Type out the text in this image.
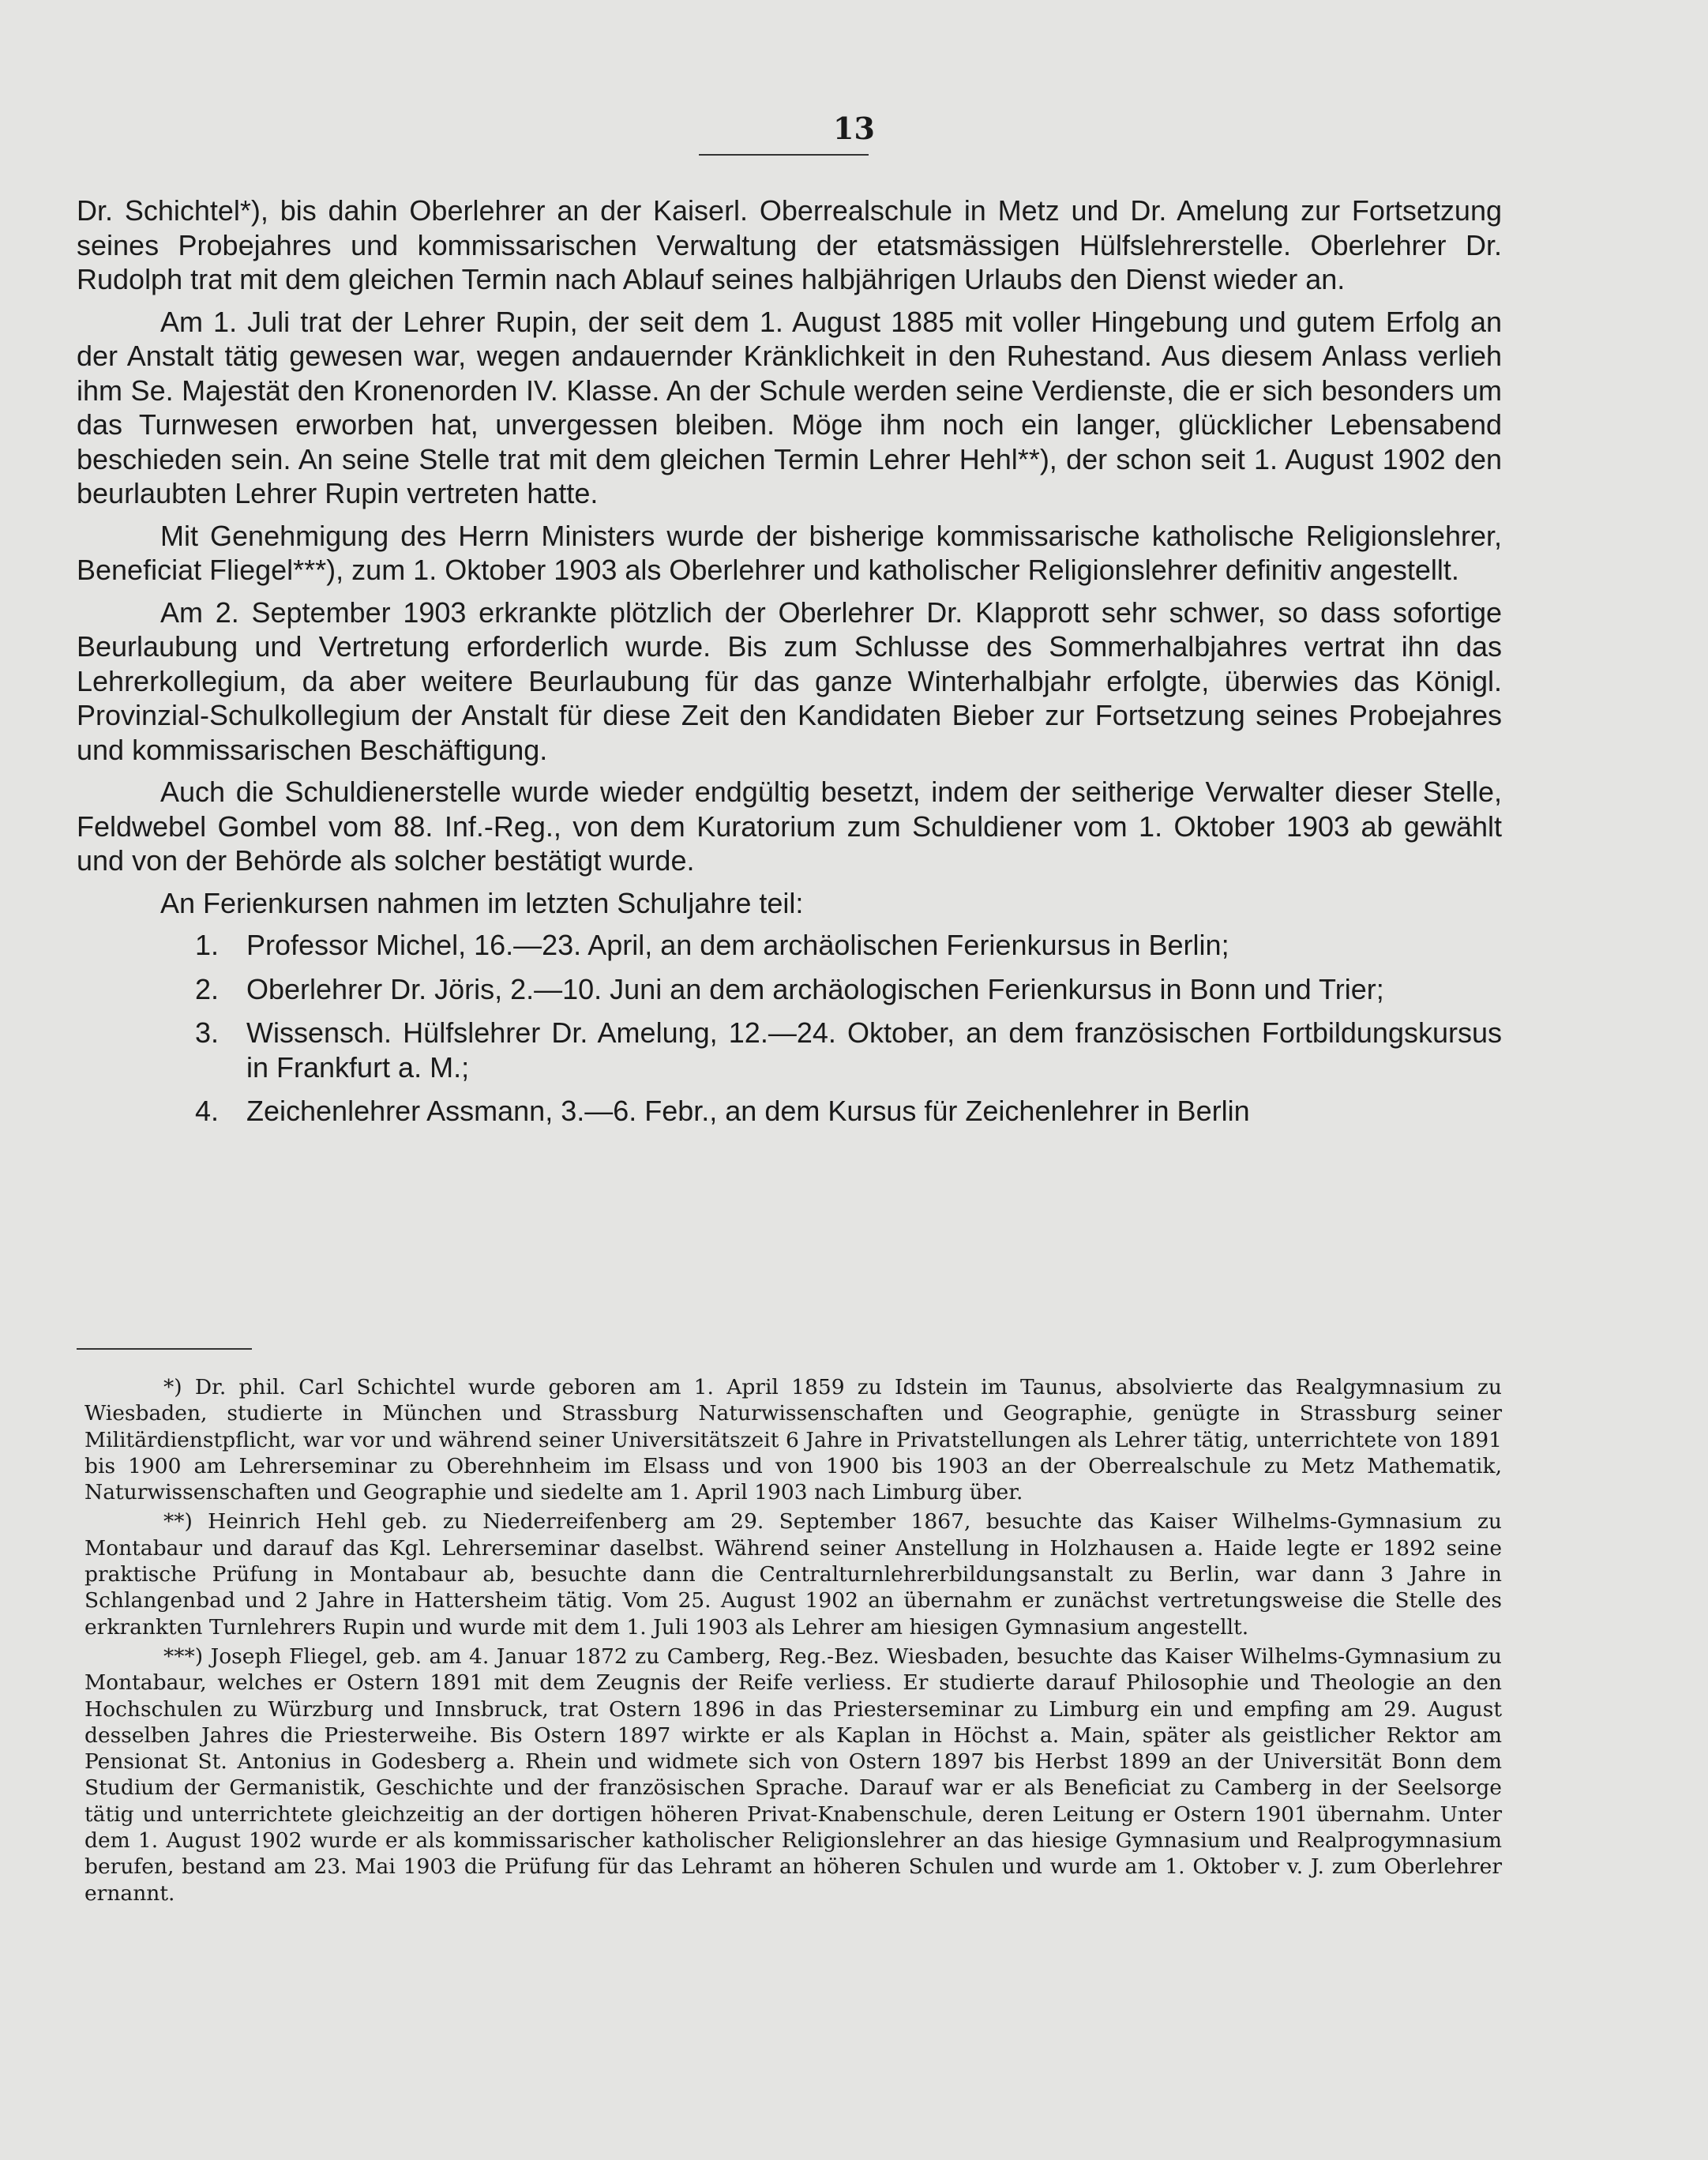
13

Dr. Schichtel*), bis dahin Oberlehrer an der Kaiserl. Oberrealschule in Metz und Dr. Amelung zur Fortsetzung seines Probejahres und kommissarischen Verwaltung der etatsmässigen Hülfslehrerstelle. Oberlehrer Dr. Rudolph trat mit dem gleichen Termin nach Ablauf seines halbjährigen Urlaubs den Dienst wieder an.

Am 1. Juli trat der Lehrer Rupin, der seit dem 1. August 1885 mit voller Hingebung und gutem Erfolg an der Anstalt tätig gewesen war, wegen andauernder Kränklichkeit in den Ruhestand. Aus diesem Anlass verlieh ihm Se. Majestät den Kronenorden IV. Klasse. An der Schule werden seine Verdienste, die er sich besonders um das Turnwesen erworben hat, unvergessen bleiben. Möge ihm noch ein langer, glücklicher Lebensabend beschieden sein. An seine Stelle trat mit dem gleichen Termin Lehrer Hehl**), der schon seit 1. August 1902 den beurlaubten Lehrer Rupin vertreten hatte.

Mit Genehmigung des Herrn Ministers wurde der bisherige kommissarische katholische Religionslehrer, Beneficiat Fliegel***), zum 1. Oktober 1903 als Oberlehrer und katholischer Religionslehrer definitiv angestellt.

Am 2. September 1903 erkrankte plötzlich der Oberlehrer Dr. Klapprott sehr schwer, so dass sofortige Beurlaubung und Vertretung erforderlich wurde. Bis zum Schlusse des Sommerhalbjahres vertrat ihn das Lehrerkollegium, da aber weitere Beurlaubung für das ganze Winterhalbjahr erfolgte, überwies das Königl. Provinzial-Schulkollegium der Anstalt für diese Zeit den Kandidaten Bieber zur Fortsetzung seines Probejahres und kommissarischen Beschäftigung.

Auch die Schuldienerstelle wurde wieder endgültig besetzt, indem der seitherige Verwalter dieser Stelle, Feldwebel Gombel vom 88. Inf.-Reg., von dem Kuratorium zum Schuldiener vom 1. Oktober 1903 ab gewählt und von der Behörde als solcher bestätigt wurde.

An Ferienkursen nahmen im letzten Schuljahre teil:

1. Professor Michel, 16.—23. April, an dem archäolischen Ferienkursus in Berlin;
2. Oberlehrer Dr. Jöris, 2.—10. Juni an dem archäologischen Ferienkursus in Bonn und Trier;
3. Wissensch. Hülfslehrer Dr. Amelung, 12.—24. Oktober, an dem französischen Fortbildungskursus in Frankfurt a. M.;
4. Zeichenlehrer Assmann, 3.—6. Febr., an dem Kursus für Zeichenlehrer in Berlin

*) Dr. phil. Carl Schichtel wurde geboren am 1. April 1859 zu Idstein im Taunus, absolvierte das Realgymnasium zu Wiesbaden, studierte in München und Strassburg Naturwissenschaften und Geographie, genügte in Strassburg seiner Militärdienstpflicht, war vor und während seiner Universitätszeit 6 Jahre in Privatstellungen als Lehrer tätig, unterrichtete von 1891 bis 1900 am Lehrerseminar zu Oberehnheim im Elsass und von 1900 bis 1903 an der Oberrealschule zu Metz Mathematik, Naturwissenschaften und Geographie und siedelte am 1. April 1903 nach Limburg über.

**) Heinrich Hehl geb. zu Niederreifenberg am 29. September 1867, besuchte das Kaiser Wilhelms-Gymnasium zu Montabaur und darauf das Kgl. Lehrerseminar daselbst. Während seiner Anstellung in Holzhausen a. Haide legte er 1892 seine praktische Prüfung in Montabaur ab, besuchte dann die Centralturnlehrerbildungsanstalt zu Berlin, war dann 3 Jahre in Schlangenbad und 2 Jahre in Hattersheim tätig. Vom 25. August 1902 an übernahm er zunächst vertretungsweise die Stelle des erkrankten Turnlehrers Rupin und wurde mit dem 1. Juli 1903 als Lehrer am hiesigen Gymnasium angestellt.

***) Joseph Fliegel, geb. am 4. Januar 1872 zu Camberg, Reg.-Bez. Wiesbaden, besuchte das Kaiser Wilhelms-Gymnasium zu Montabaur, welches er Ostern 1891 mit dem Zeugnis der Reife verliess. Er studierte darauf Philosophie und Theologie an den Hochschulen zu Würzburg und Innsbruck, trat Ostern 1896 in das Priesterseminar zu Limburg ein und empfing am 29. August desselben Jahres die Priesterweihe. Bis Ostern 1897 wirkte er als Kaplan in Höchst a. Main, später als geistlicher Rektor am Pensionat St. Antonius in Godesberg a. Rhein und widmete sich von Ostern 1897 bis Herbst 1899 an der Universität Bonn dem Studium der Germanistik, Geschichte und der französischen Sprache. Darauf war er als Beneficiat zu Camberg in der Seelsorge tätig und unterrichtete gleichzeitig an der dortigen höheren Privat-Knabenschule, deren Leitung er Ostern 1901 übernahm. Unter dem 1. August 1902 wurde er als kommissarischer katholischer Religionslehrer an das hiesige Gymnasium und Realprogymnasium berufen, bestand am 23. Mai 1903 die Prüfung für das Lehramt an höheren Schulen und wurde am 1. Oktober v. J. zum Oberlehrer ernannt.
